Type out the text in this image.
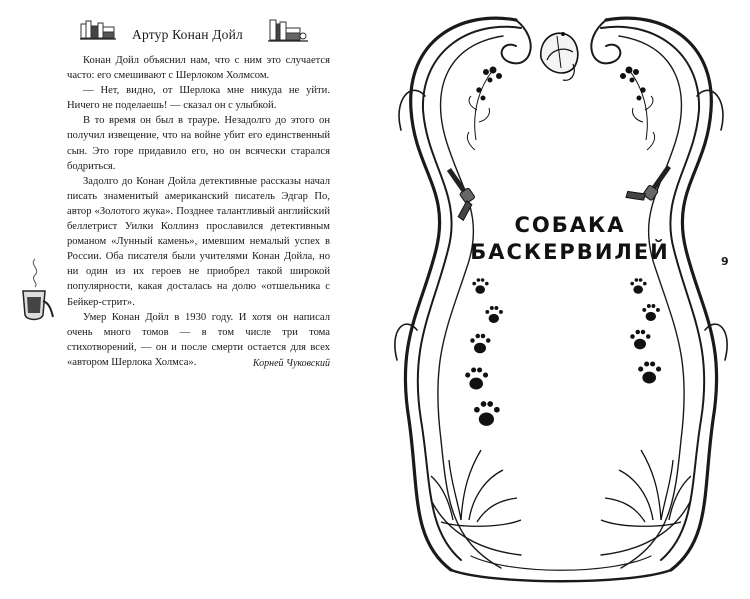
Артур Конан Дойл

Конан Дойл объяснил нам, что с ним это случается часто: его смешивают с Шерлоком Холмсом.

— Нет, видно, от Шерлока мне никуда не уйти. Ничего не поделаешь! — сказал он с улыбкой.

В то время он был в трауре. Незадолго до этого он получил извещение, что на войне убит его единственный сын. Это горе придавило его, но он всячески старался бодриться.

Задолго до Конан Дойла детективные рассказы начал писать знаменитый американский писатель Эдгар По, автор «Золотого жука». Позднее талантливый английский беллетрист Уилки Коллинз прославился детективным романом «Лунный камень», имевшим немалый успех в России. Оба писателя были учителями Конан Дойла, но ни один из их героев не приобрел такой широкой популярности, какая досталась на долю «отшельника с Бейкер-стрит».

Умер Конан Дойл в 1930 году. И хотя он написал очень много томов — в том числе три тома стихотворений, — он и после смерти остается для всех «автором Шерлока Холмса».	Корней Чуковский
СОБАКА
БАСКЕРВИЛЕЙ	9
